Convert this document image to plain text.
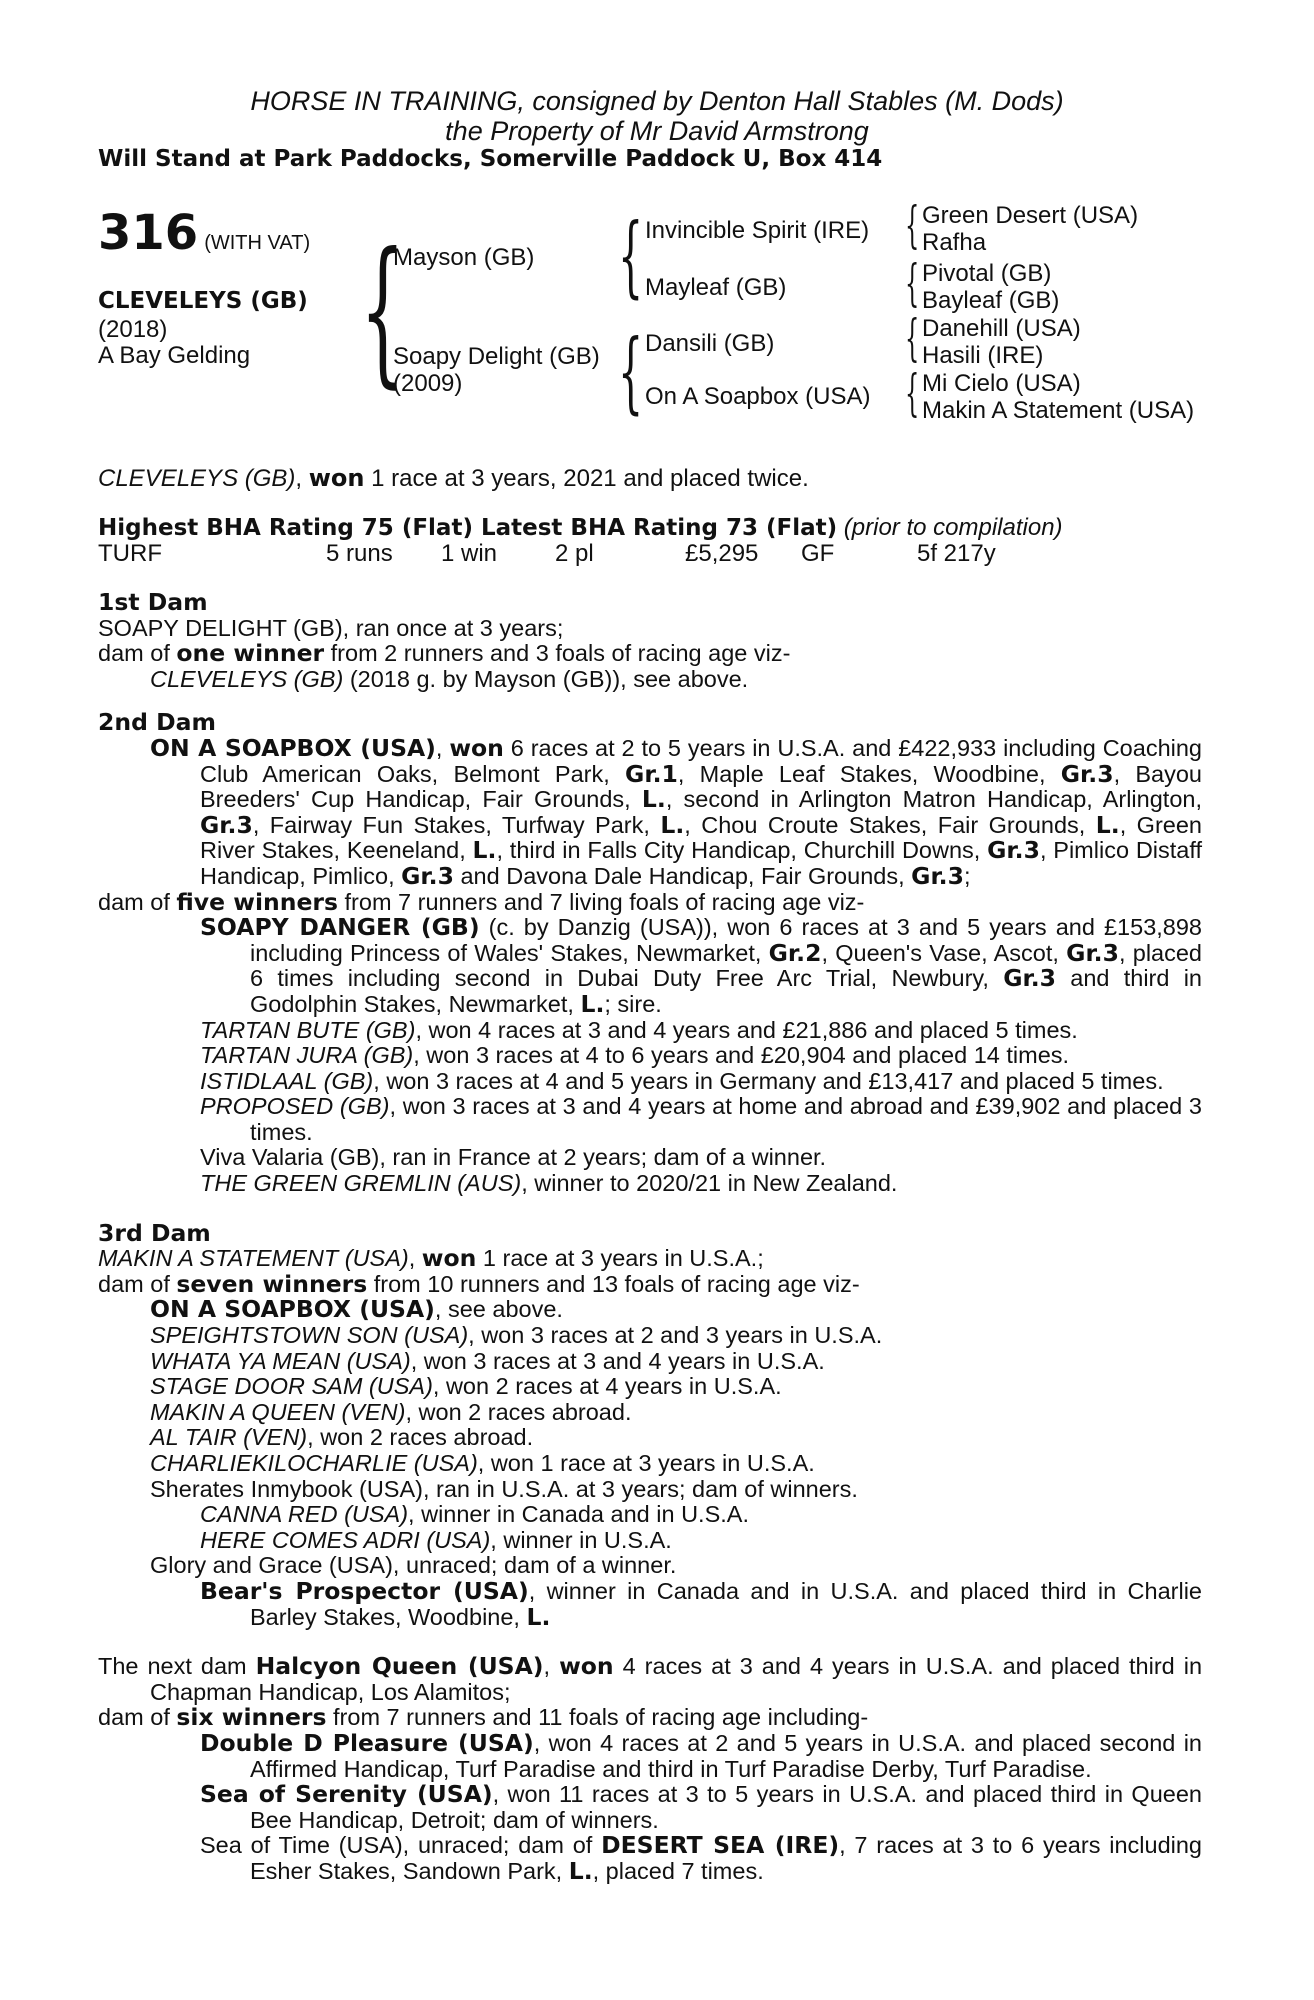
HORSE IN TRAINING, consigned by Denton Hall Stables (M. Dods)
the Property of Mr David Armstrong
Will Stand at Park Paddocks, Somerville Paddock U, Box 414
316 (WITH VAT)
CLEVELEYS (GB)
(2018)
A Bay Gelding {
Mayson (GB)
Soapy Delight (GB)
(2009)
{ Invincible Spirit (IRE)
Mayleaf (GB)
{ Dansili (GB)
On A Soapbox (USA)
{ Green Desert (USA)
Rafha
{ Pivotal (GB)
Bayleaf (GB)
{ Danehill (USA)
Hasili (IRE)
{ Mi Cielo (USA)
Makin A Statement (USA)
CLEVELEYS (GB), won 1 race at 3 years, 2021 and placed twice.
Highest BHA Rating 75 (Flat) Latest BHA Rating 73 (Flat) (prior to compilation)
TURF	5 runs 1 win 2 pl	£5,295 GF	5f 217y
1st Dam
SOAPY DELIGHT (GB), ran once at 3 years;
dam of one winner from 2 runners and 3 foals of racing age viz-
CLEVELEYS (GB) (2018 g. by Mayson (GB)), see above.
2nd Dam
ON A SOAPBOX (USA), won 6 races at 2 to 5 years in U.S.A. and £422,933 including Coaching Club American Oaks, Belmont Park, Gr.1, Maple Leaf Stakes, Woodbine, Gr.3, Bayou Breeders' Cup Handicap, Fair Grounds, L., second in Arlington Matron Handicap, Arlington, Gr.3, Fairway Fun Stakes, Turfway Park, L., Chou Croute Stakes, Fair Grounds, L., Green River Stakes, Keeneland, L., third in Falls City Handicap, Churchill Downs, Gr.3, Pimlico Distaff Handicap, Pimlico, Gr.3 and Davona Dale Handicap, Fair Grounds, Gr.3;
dam of five winners from 7 runners and 7 living foals of racing age viz-
SOAPY DANGER (GB) (c. by Danzig (USA)), won 6 races at 3 and 5 years and £153,898 including Princess of Wales' Stakes, Newmarket, Gr.2, Queen's Vase, Ascot, Gr.3, placed 6 times including second in Dubai Duty Free Arc Trial, Newbury, Gr.3 and third in Godolphin Stakes, Newmarket, L.; sire.
TARTAN BUTE (GB), won 4 races at 3 and 4 years and £21,886 and placed 5 times.
TARTAN JURA (GB), won 3 races at 4 to 6 years and £20,904 and placed 14 times.
ISTIDLAAL (GB), won 3 races at 4 and 5 years in Germany and £13,417 and placed 5 times.
PROPOSED (GB), won 3 races at 3 and 4 years at home and abroad and £39,902 and placed 3 times.
Viva Valaria (GB), ran in France at 2 years; dam of a winner.
THE GREEN GREMLIN (AUS), winner to 2020/21 in New Zealand.
3rd Dam
MAKIN A STATEMENT (USA), won 1 race at 3 years in U.S.A.;
dam of seven winners from 10 runners and 13 foals of racing age viz-
ON A SOAPBOX (USA), see above.
SPEIGHTSTOWN SON (USA), won 3 races at 2 and 3 years in U.S.A.
WHATA YA MEAN (USA), won 3 races at 3 and 4 years in U.S.A.
STAGE DOOR SAM (USA), won 2 races at 4 years in U.S.A.
MAKIN A QUEEN (VEN), won 2 races abroad.
AL TAIR (VEN), won 2 races abroad.
CHARLIEKILOCHARLIE (USA), won 1 race at 3 years in U.S.A.
Sherates Inmybook (USA), ran in U.S.A. at 3 years; dam of winners.
CANNA RED (USA), winner in Canada and in U.S.A.
HERE COMES ADRI (USA), winner in U.S.A.
Glory and Grace (USA), unraced; dam of a winner.
Bear's Prospector (USA), winner in Canada and in U.S.A. and placed third in Charlie Barley Stakes, Woodbine, L.
The next dam Halcyon Queen (USA), won 4 races at 3 and 4 years in U.S.A. and placed third in Chapman Handicap, Los Alamitos;
dam of six winners from 7 runners and 11 foals of racing age including-
Double D Pleasure (USA), won 4 races at 2 and 5 years in U.S.A. and placed second in Affirmed Handicap, Turf Paradise and third in Turf Paradise Derby, Turf Paradise.
Sea of Serenity (USA), won 11 races at 3 to 5 years in U.S.A. and placed third in Queen Bee Handicap, Detroit; dam of winners.
Sea of Time (USA), unraced; dam of DESERT SEA (IRE), 7 races at 3 to 6 years including Esher Stakes, Sandown Park, L., placed 7 times.
